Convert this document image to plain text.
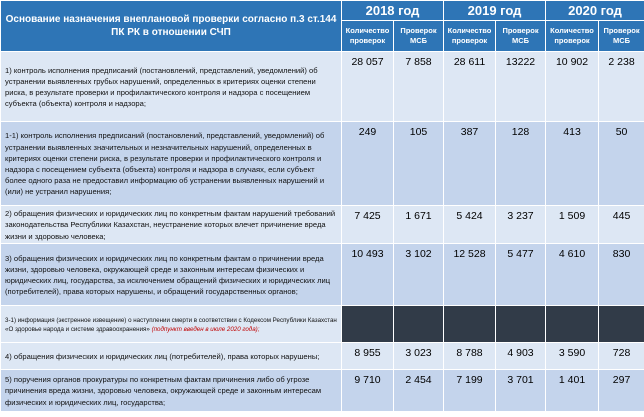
Основание назначения внеплановой проверки согласно п.3 ст.144 ПК РК в отношении СЧП	2018 год		2019 год		2020 год	
	Количество проверок	Проверок МСБ	Количество проверок	Проверок МСБ	Количество проверок	Проверок МСБ
1) контроль исполнения предписаний (постановлений, представлений, уведомлений) об устранении выявленных грубых нарушений, определенных в критериях оценки степени риска, в результате проверки и профилактического контроля и надзора с посещением субъекта (объекта) контроля и надзора;	28 057	7 858	28 611	13222	10 902	2 238
1-1) контроль исполнения предписаний (постановлений, представлений, уведомлений) об устранении выявленных значительных и незначительных нарушений, определенных в критериях оценки степени риска, в результате проверки и профилактического контроля и надзора с посещением субъекта (объекта) контроля и надзора в случаях, если субъект более одного раза не предоставил информацию об устранении выявленных нарушений и (или) не устранил нарушения;	249	105	387	128	413	50
2) обращения физических и юридических лиц по конкретным фактам нарушений требований законодательства Республики Казахстан, неустранение которых влечет причинение вреда жизни и здоровью человека;	7 425	1 671	5 424	3 237	1 509	445
3) обращения физических и юридических лиц по конкретным фактам о причинении вреда жизни, здоровью человека, окружающей среде и законным интересам физических и юридических лиц, государства, за исключением обращений физических и юридических лиц (потребителей), права которых нарушены, и обращений государственных органов;	10 493	3 102	12 528	5 477	4 610	830
3-1) информация (экстренное извещение) о наступлении смерти в соответствии с Кодексом Республики Казахстан «О здоровье народа и системе здравоохранения» (подпункт введен в июле 2020 года);						
4) обращения физических и юридических лиц (потребителей), права которых нарушены;	8 955	3 023	8 788	4 903	3 590	728
5) поручения органов прокуратуры по конкретным фактам причинения либо об угрозе причинения вреда жизни, здоровью человека, окружающей среде и законным интересам физических и юридических лиц, государства;	9 710	2 454	7 199	3 701	1 401	297
